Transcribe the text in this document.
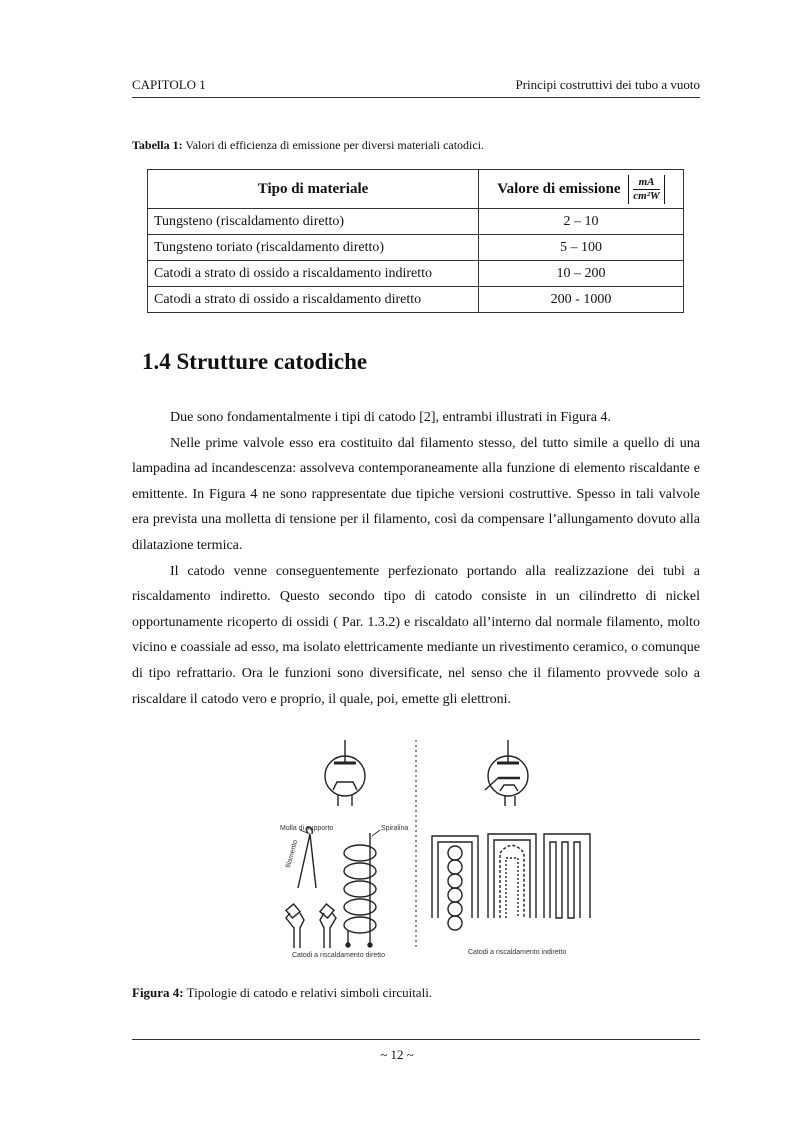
CAPITOLO 1	Principi costruttivi dei tubo a vuoto
Tabella 1: Valori di efficienza di emissione per diversi materiali catodici.
Tipo di materiale	Valore di emissione $\frac{mA}{\text{cm²W}}$
Tungsteno (riscaldamento diretto)	2 – 10
Tungsteno toriato (riscaldamento diretto)	5 – 100
Catodi a strato di ossido a riscaldamento indiretto	10 – 200
Catodi a strato di ossido a riscaldamento diretto	200 - 1000
1.4 Strutture catodiche

Due sono fondamentalmente i tipi di catodo [2], entrambi illustrati in Figura 4.

Nelle prime valvole esso era costituito dal filamento stesso, del tutto simile a quello di una lampadina ad incandescenza: assolveva contemporaneamente alla funzione di elemento riscaldante e emittente. In Figura 4 ne sono rappresentate due tipiche versioni costruttive. Spesso in tali valvole era prevista una molletta di tensione per il filamento, così da compensare l’allungamento dovuto alla dilatazione termica.

Il catodo venne conseguentemente perfezionato portando alla realizzazione dei tubi a riscaldamento indiretto. Questo secondo tipo di catodo consiste in un cilindretto di nickel opportunamente ricoperto di ossidi ( Par. 1.3.2) e riscaldato all’interno dal normale filamento, molto vicino e coassiale ad esso, ma isolato elettricamente mediante un rivestimento ceramico, o comunque di tipo refrattario. Ora le funzioni sono diversificate, nel senso che il filamento provvede solo a riscaldare il catodo vero e proprio, il quale, poi, emette gli elettroni.

Catodi a riscaldamento diretto	Catodi a riscaldamento indiretto
Molla di supporto	Spiralina
filamento
Figura 4: Tipologie di catodo e relativi simboli circuitali.
~ 12 ~
